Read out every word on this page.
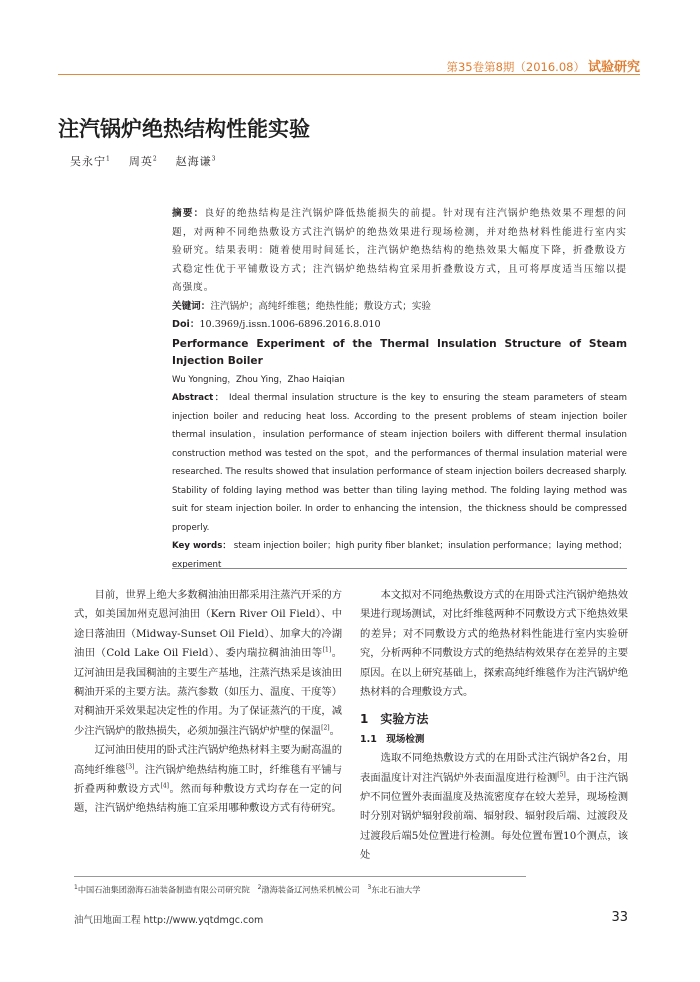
第35卷第8期（2016.08） 试验研究
注汽锅炉绝热结构性能实验
吴永宁$^1$ 周英$^2$ 赵海谦$^3$

摘要：良好的绝热结构是注汽锅炉降低热能损失的前提。针对现有注汽锅炉绝热效果不理想的问题，对两种不同绝热敷设方式注汽锅炉的绝热效果进行现场检测，并对绝热材料性能进行室内实验研究。结果表明：随着使用时间延长，注汽锅炉绝热结构的绝热效果大幅度下降，折叠敷设方式稳定性优于平铺敷设方式；注汽锅炉绝热结构宜采用折叠敷设方式，且可将厚度适当压缩以提高强度。

关键词：注汽锅炉；高纯纤维毯；绝热性能；敷设方式；实验

Doi：10.3969/j.issn.1006-6896.2016.8.010

Performance Experiment of the Thermal Insulation Structure of Steam Injection Boiler

Wu Yongning，Zhou Ying，Zhao Haiqian

Abstract： Ideal thermal insulation structure is the key to ensuring the steam parameters of steam injection boiler and reducing heat loss. According to the present problems of steam injection boiler thermal insulation，insulation performance of steam injection boilers with different thermal insulation construction method was tested on the spot，and the performances of thermal insulation material were researched. The results showed that insulation performance of steam injection boilers decreased sharply. Stability of folding laying method was better than tiling laying method. The folding laying method was suit for steam injection boiler. In order to enhancing the intension，the thickness should be compressed properly.

Key words： steam injection boiler；high purity fiber blanket；insulation performance；laying method；experiment

目前，世界上绝大多数稠油油田都采用注蒸汽开采的方式，如美国加州克恩河油田（Kern River Oil Field）、中途日落油田（Midway-Sunset Oil Field）、加拿大的冷湖油田（Cold Lake Oil Field）、委内瑞拉稠油油田等[1]。辽河油田是我国稠油的主要生产基地，注蒸汽热采是该油田稠油开采的主要方法。蒸汽参数（如压力、温度、干度等）对稠油开采效果起决定性的作用。为了保证蒸汽的干度，减少注汽锅炉的散热损失，必须加强注汽锅炉炉壁的保温[2]。

辽河油田使用的卧式注汽锅炉绝热材料主要为耐高温的高纯纤维毯[3]。注汽锅炉绝热结构施工时，纤维毯有平铺与折叠两种敷设方式[4]。然而每种敷设方式均存在一定的问题，注汽锅炉绝热结构施工宜采用哪种敷设方式有待研究。

本文拟对不同绝热敷设方式的在用卧式注汽锅炉绝热效果进行现场测试，对比纤维毯两种不同敷设方式下绝热效果的差异；对不同敷设方式的绝热材料性能进行室内实验研究，分析两种不同敷设方式的绝热结构效果存在差异的主要原因。在以上研究基础上，探索高纯纤维毯作为注汽锅炉绝热材料的合理敷设方式。

1　实验方法

1.1　现场检测

选取不同绝热敷设方式的在用卧式注汽锅炉各2台，用表面温度计对注汽锅炉外表面温度进行检测[5]。由于注汽锅炉不同位置外表面温度及热流密度存在较大差异，现场检测时分别对锅炉辐射段前端、辐射段、辐射段后端、过渡段及过渡段后端5处位置进行检测。每处位置布置10个测点，该处

$^1$中国石油集团渤海石油装备制造有限公司研究院 $^2$渤海装备辽河热采机械公司 $^3$东北石油大学
油气田地面工程 http://www.yqtdmgc.com	33
